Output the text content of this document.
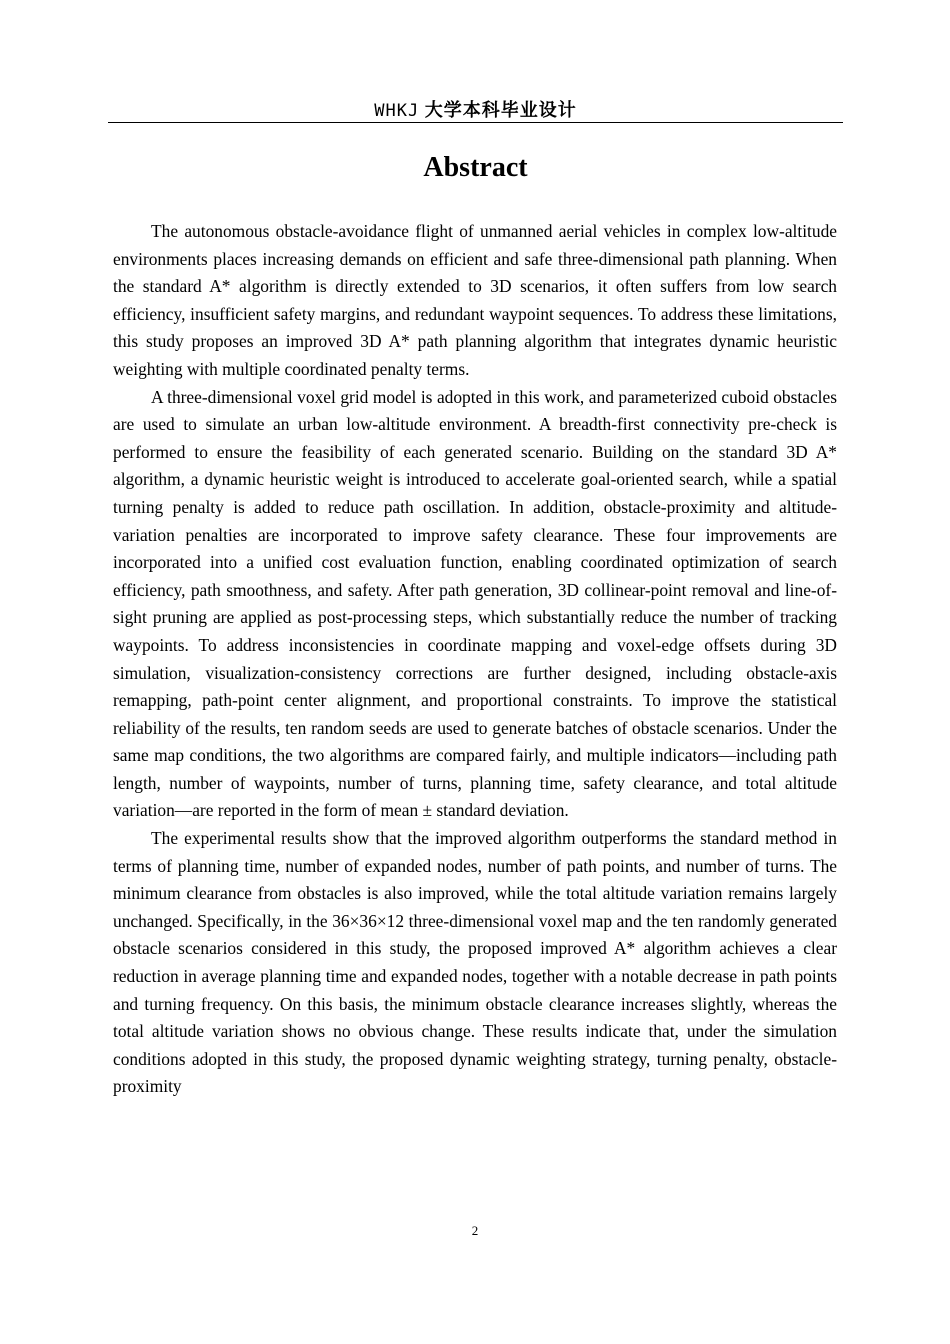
WHKJ 大学本科毕业设计
Abstract

The autonomous obstacle-avoidance flight of unmanned aerial vehicles in complex low-altitude environments places increasing demands on efficient and safe three-dimensional path planning. When the standard A* algorithm is directly extended to 3D scenarios, it often suffers from low search efficiency, insufficient safety margins, and redundant waypoint sequences. To address these limitations, this study proposes an improved 3D A* path planning algorithm that integrates dynamic heuristic weighting with multiple coordinated penalty terms.

A three-dimensional voxel grid model is adopted in this work, and parameterized cuboid obstacles are used to simulate an urban low-altitude environment. A breadth-first connectivity pre-check is performed to ensure the feasibility of each generated scenario. Building on the standard 3D A* algorithm, a dynamic heuristic weight is introduced to accelerate goal-oriented search, while a spatial turning penalty is added to reduce path oscillation. In addition, obstacle-proximity and altitude-variation penalties are incorporated to improve safety clearance. These four improvements are incorporated into a unified cost evaluation function, enabling coordinated optimization of search efficiency, path smoothness, and safety. After path generation, 3D collinear-point removal and line-of-sight pruning are applied as post-processing steps, which substantially reduce the number of tracking waypoints. To address inconsistencies in coordinate mapping and voxel-edge offsets during 3D simulation, visualization-consistency corrections are further designed, including obstacle-axis remapping, path-point center alignment, and proportional constraints. To improve the statistical reliability of the results, ten random seeds are used to generate batches of obstacle scenarios. Under the same map conditions, the two algorithms are compared fairly, and multiple indicators—including path length, number of waypoints, number of turns, planning time, safety clearance, and total altitude variation—are reported in the form of mean ± standard deviation.

The experimental results show that the improved algorithm outperforms the standard method in terms of planning time, number of expanded nodes, number of path points, and number of turns. The minimum clearance from obstacles is also improved, while the total altitude variation remains largely unchanged. Specifically, in the 36×36×12 three-dimensional voxel map and the ten randomly generated obstacle scenarios considered in this study, the proposed improved A* algorithm achieves a clear reduction in average planning time and expanded nodes, together with a notable decrease in path points and turning frequency. On this basis, the minimum obstacle clearance increases slightly, whereas the total altitude variation shows no obvious change. These results indicate that, under the simulation conditions adopted in this study, the proposed dynamic weighting strategy, turning penalty, obstacle-proximity

2
